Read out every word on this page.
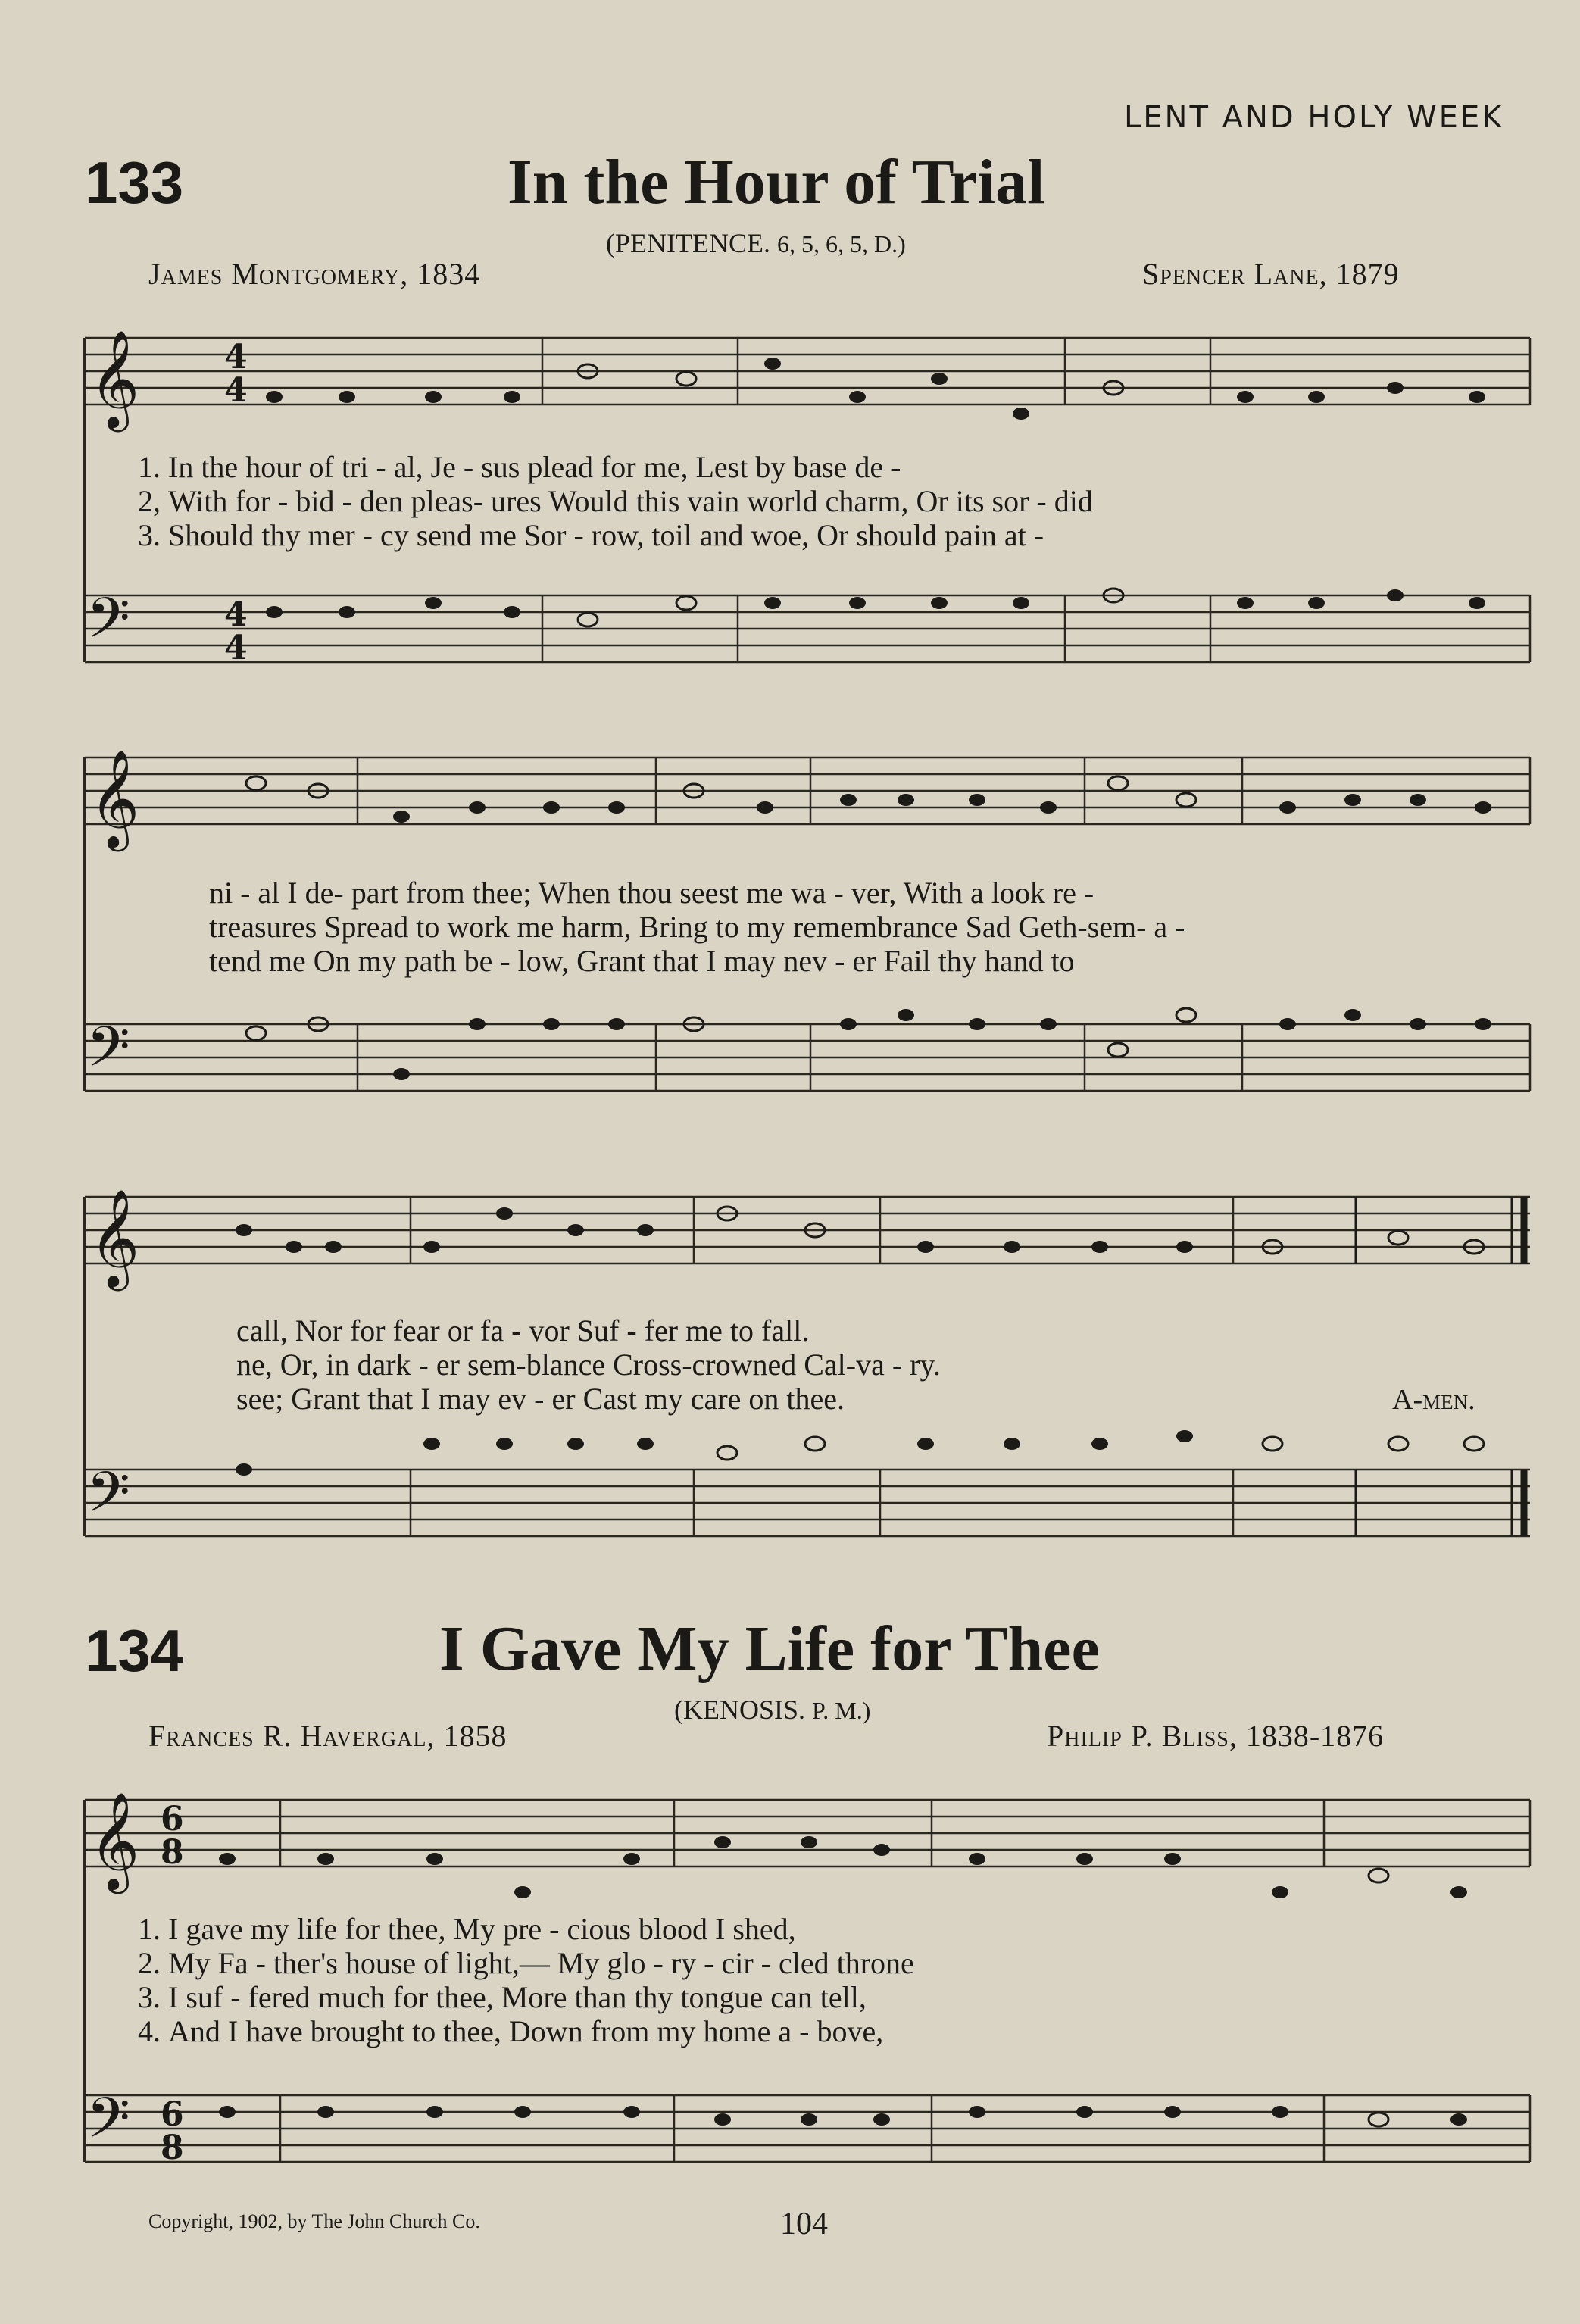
LENT AND HOLY WEEK
133	In the Hour of Trial
(PENITENCE. 6, 5, 6, 5, D.)
James Montgomery, 1834	Spencer Lane, 1879
𝄞
𝄢
4
4
4
4
1. In the hour of tri - al, Je - sus plead for me, Lest by base de -
2, With for - bid - den pleas- ures Would this vain world charm, Or its sor - did
3. Should thy mer - cy send me Sor - row, toil and woe, Or should pain at -
𝄞
𝄢
ni - al I de- part from thee; When thou seest me wa - ver, With a look re -
treasures Spread to work me harm, Bring to my remembrance Sad Geth-sem- a -
tend me On my path be - low, Grant that I may nev - er Fail thy hand to
𝄞
𝄢
call, Nor for fear or fa - vor Suf - fer me to fall.
ne, Or, in dark - er sem-blance Cross-crowned Cal-va - ry.
see; Grant that I may ev - er Cast my care on thee.	A-men.
134	I Gave My Life for Thee
(KENOSIS. P. M.)
Frances R. Havergal, 1858	Philip P. Bliss, 1838-1876
𝄞
𝄢
6
8
6
8
1. I gave my life for thee, My pre - cious blood I shed,
2. My Fa - ther's house of light,— My glo - ry - cir - cled throne
3. I suf - fered much for thee, More than thy tongue can tell,
4. And I have brought to thee, Down from my home a - bove,
Copyright, 1902, by The John Church Co.	104
